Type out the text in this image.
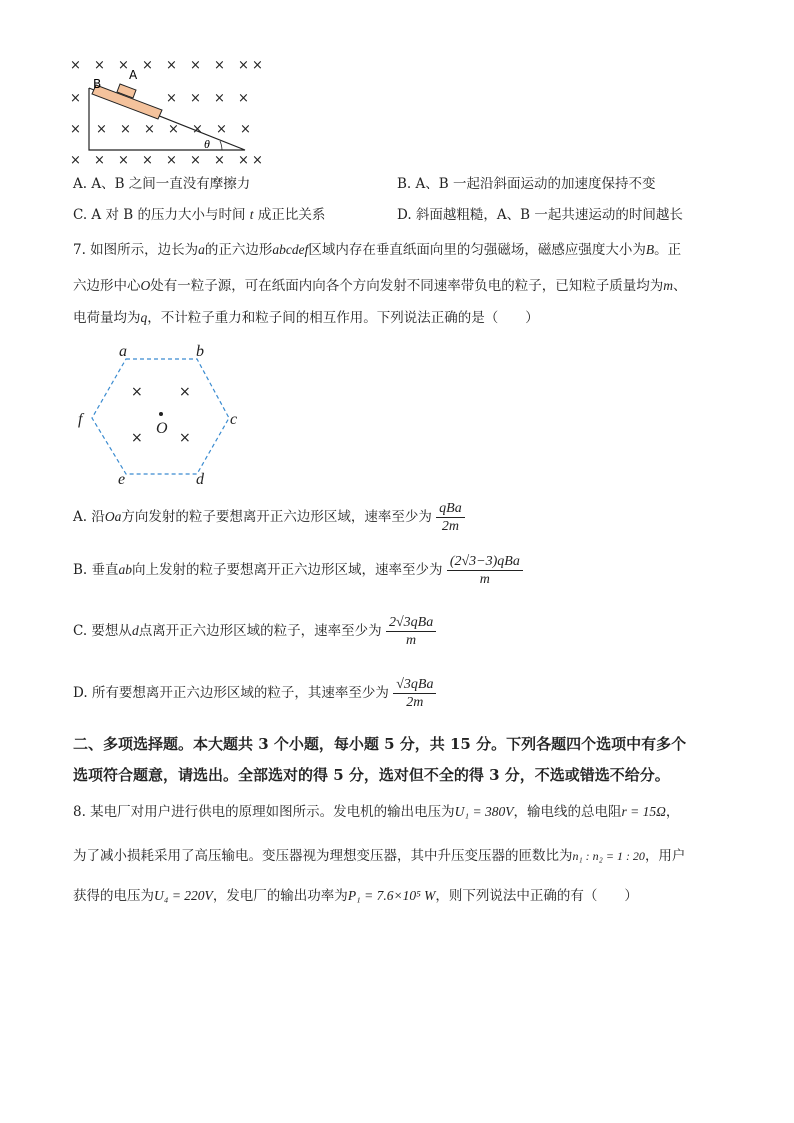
× × × × × × × × ×
×	× × × ×
× × × × × × × ×
× × × × × × × × ×
A
B
θ
A. A、B 之间一直没有摩擦力	B. A、B 一起沿斜面运动的加速度保持不变
C. A 对 B 的压力大小与时间 t 成正比关系	D. 斜面越粗糙，A、B 一起共速运动的时间越长
7. 如图所示，边长为a的正六边形abcdef区域内存在垂直纸面向里的匀强磁场，磁感应强度大小为B。正
六边形中心O处有一粒子源，可在纸面内向各个方向发射不同速率带负电的粒子，已知粒子质量均为m、
电荷量均为q，不计粒子重力和粒子间的相互作用。下列说法正确的是（　　）
×	×
×	×
a	b
c
d
e
f
O
A. 沿Oa方向发射的粒子要想离开正六边形区域，速率至少为 $\frac{\text{qBa}}{2m}$
B. 垂直ab向上发射的粒子要想离开正六边形区域，速率至少为 $\frac{\text{(2√3−3)qBa}}{m}$
C. 要想从d点离开正六边形区域的粒子，速率至少为 $\frac{\text{2√3qBa}}{m}$
D. 所有要想离开正六边形区域的粒子，其速率至少为 $\frac{\text{√3qBa}}{2m}$
二、多项选择题。本大题共 3 个小题，每小题 5 分，共 15 分。下列各题四个选项中有多个
选项符合题意，请选出。全部选对的得 5 分，选对但不全的得 3 分，不选或错选不给分。
8. 某电厂对用户进行供电的原理如图所示。发电机的输出电压为U₁ = 380V，输电线的总电阻r = 15Ω，
为了减小损耗采用了高压输电。变压器视为理想变压器，其中升压变压器的匝数比为n₁ : n₂ = 1 : 20，用户
获得的电压为U₄ = 220V，发电厂的输出功率为P₁ = 7.6×10⁵ W，则下列说法中正确的有（　　）
